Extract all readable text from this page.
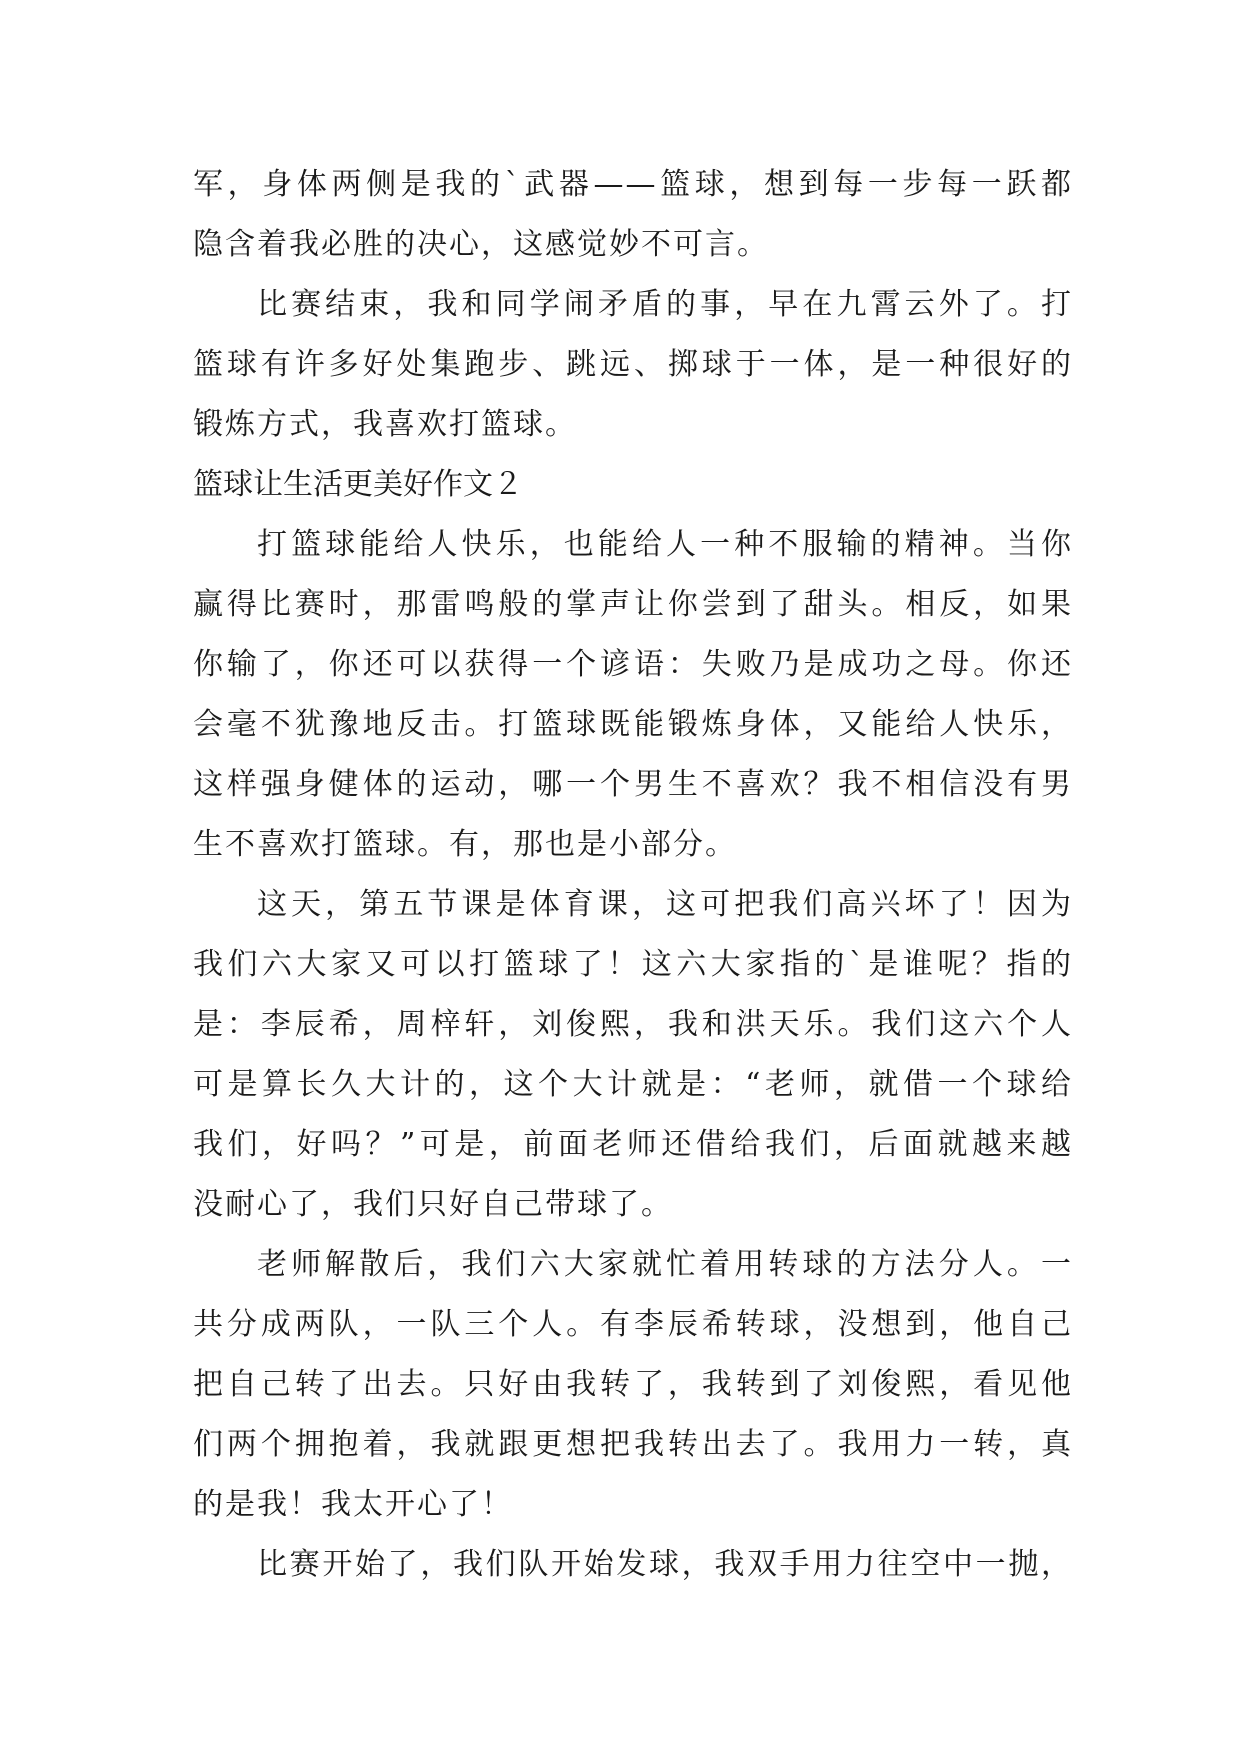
军，身体两侧是我的`武器——篮球，想到每一步每一跃都
隐含着我必胜的决心，这感觉妙不可言。
比赛结束，我和同学闹矛盾的事，早在九霄云外了。打
篮球有许多好处集跑步、跳远、掷球于一体，是一种很好的
锻炼方式，我喜欢打篮球。
篮球让生活更美好作文２
打篮球能给人快乐，也能给人一种不服输的精神。当你
赢得比赛时，那雷鸣般的掌声让你尝到了甜头。相反，如果
你输了，你还可以获得一个谚语：失败乃是成功之母。你还
会毫不犹豫地反击。打篮球既能锻炼身体，又能给人快乐，
这样强身健体的运动，哪一个男生不喜欢？我不相信没有男
生不喜欢打篮球。有，那也是小部分。
这天，第五节课是体育课，这可把我们高兴坏了！因为
我们六大家又可以打篮球了！这六大家指的`是谁呢？指的
是：李辰希，周梓轩，刘俊熙，我和洪天乐。我们这六个人
可是算长久大计的，这个大计就是：“老师，就借一个球给
我们，好吗？”可是，前面老师还借给我们，后面就越来越
没耐心了，我们只好自己带球了。
老师解散后，我们六大家就忙着用转球的方法分人。一
共分成两队，一队三个人。有李辰希转球，没想到，他自己
把自己转了出去。只好由我转了，我转到了刘俊熙，看见他
们两个拥抱着，我就跟更想把我转出去了。我用力一转，真
的是我！我太开心了！
比赛开始了，我们队开始发球，我双手用力往空中一抛，
